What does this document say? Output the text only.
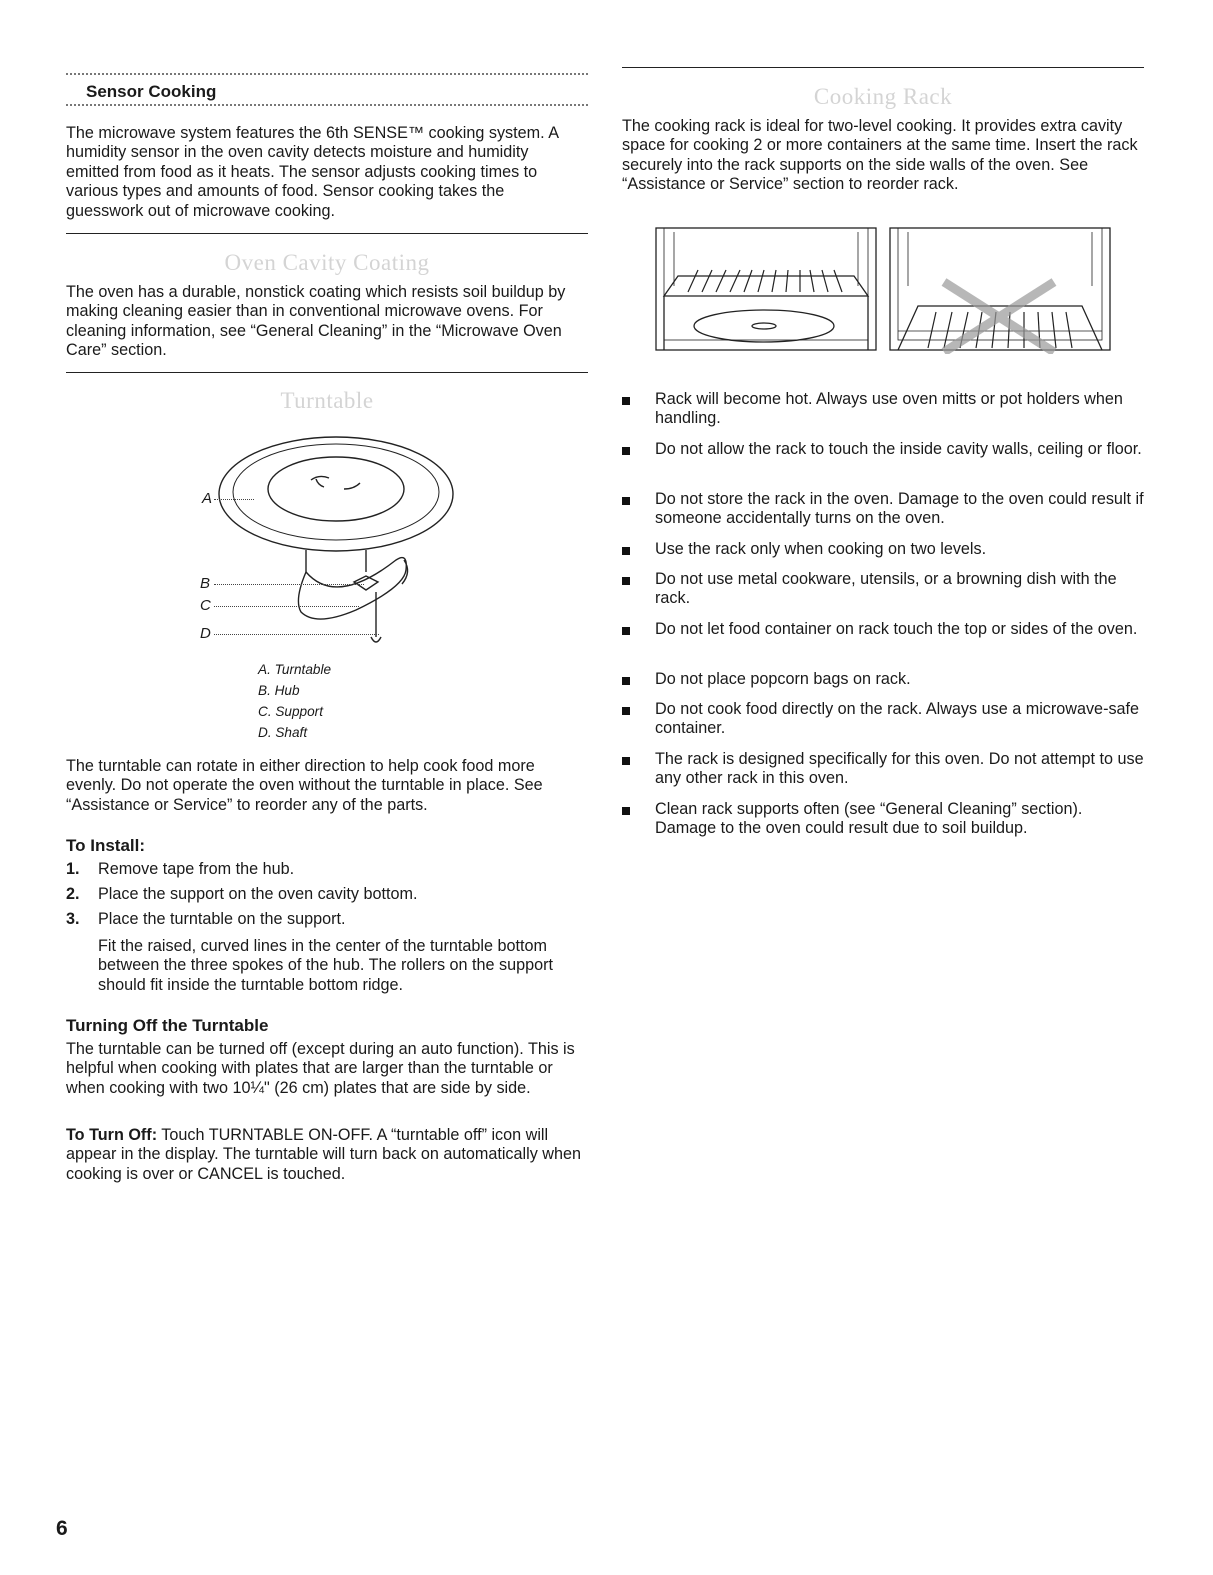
Sensor Cooking

The microwave system features the 6th SENSE™ cooking system. A humidity sensor in the oven cavity detects moisture and humidity emitted from food as it heats. The sensor adjusts cooking times to various types and amounts of food. Sensor cooking takes the guesswork out of microwave cooking.

Oven Cavity Coating

The oven has a durable, nonstick coating which resists soil buildup by making cleaning easier than in conventional microwave ovens. For cleaning information, see “General Cleaning” in the “Microwave Oven Care” section.

Turntable
A
B
C
D
A. Turntable
B. Hub
C. Support
D. Shaft

The turntable can rotate in either direction to help cook food more evenly. Do not operate the oven without the turntable in place. See “Assistance or Service” to reorder any of the parts.

To Install:
1. Remove tape from the hub.
2. Place the support on the oven cavity bottom.
3. Place the turntable on the support.

Fit the raised, curved lines in the center of the turntable bottom between the three spokes of the hub. The rollers on the support should fit inside the turntable bottom ridge.

Turning Off the Turntable

The turntable can be turned off (except during an auto function). This is helpful when cooking with plates that are larger than the turntable or when cooking with two 10¼" (26 cm) plates that are side by side.

To Turn Off: Touch TURNTABLE ON-OFF. A “turntable off” icon will appear in the display. The turntable will turn back on automatically when cooking is over or CANCEL is touched.

Cooking Rack

The cooking rack is ideal for two-level cooking. It provides extra cavity space for cooking 2 or more containers at the same time. Insert the rack securely into the rack supports on the side walls of the oven. See “Assistance or Service” section to reorder rack.

Rack will become hot. Always use oven mitts or pot holders when handling.
Do not allow the rack to touch the inside cavity walls, ceiling or floor.
Do not store the rack in the oven. Damage to the oven could result if someone accidentally turns on the oven.
Use the rack only when cooking on two levels.
Do not use metal cookware, utensils, or a browning dish with the rack.
Do not let food container on rack touch the top or sides of the oven.
Do not place popcorn bags on rack.
Do not cook food directly on the rack. Always use a microwave-safe container.
The rack is designed specifically for this oven. Do not attempt to use any other rack in this oven.
Clean rack supports often (see “General Cleaning” section). Damage to the oven could result due to soil buildup.
6
